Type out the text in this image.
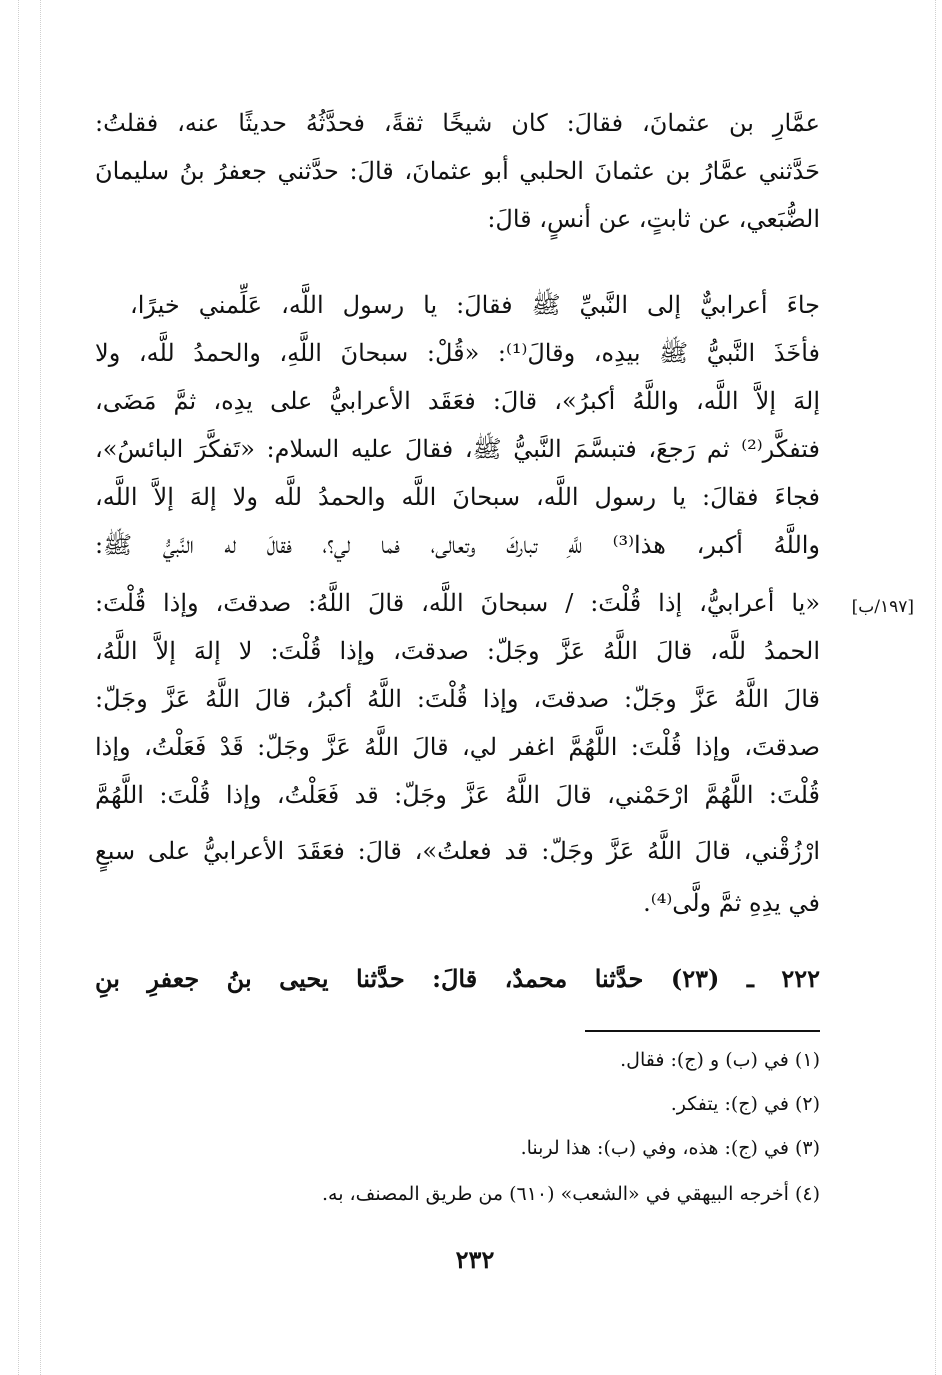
عمَّارِ بن عثمانَ، فقالَ: كان شيخًا ثقةً، فحدَّثُهُ حديثًا عنه، فقلتُ:
حَدَّثني عمَّارُ بن عثمانَ الحلبي أبو عثمانَ، قالَ: حدَّثني جعفرُ بنُ سليمانَ
الضُّبَعي، عن ثابتٍ، عن أنسٍ، قالَ:
جاءَ أعرابيٌّ إلى النَّبيِّ ﷺ فقالَ: يا رسول اللَّه، عَلِّمني خيرًا،
فأخَذَ النَّبيُّ ﷺ بيدِه، وقالَ⁽¹⁾: «قُلْ: سبحانَ اللَّهِ، والحمدُ للَّه، ولا
إلهَ إلاَّ اللَّه، واللَّهُ أكبرُ»، قالَ: فعَقَد الأعرابيُّ على يدِه، ثمَّ مَضَى،
فتفكَّر⁽²⁾ ثم رَجعَ، فتبسَّمَ النَّبيُّ ﷺ، فقالَ عليه السلام: «تَفكَّرَ البائسُ»،
فجاءَ فقالَ: يا رسول اللَّه، سبحانَ اللَّه والحمدُ للَّه ولا إلهَ إلاَّ اللَّه،
واللَّهُ أكبر، هذا⁽³⁾ للَّهِ تباركَ وتعالى، فما لي؟، فقالَ له النَّبيُّ ﷺ:
«يا أعرابيُّ، إذا قُلْتَ: / سبحانَ اللَّه، قالَ اللَّهُ: صدقتَ، وإذا قُلْتَ:
الحمدُ للَّه، قالَ اللَّهُ عَزَّ وجَلّ: صدقتَ، وإذا قُلْتَ: لا إلهَ إلاَّ اللَّهُ،
قالَ اللَّهُ عَزَّ وجَلّ: صدقتَ، وإذا قُلْتَ: اللَّهُ أكبرُ، قالَ اللَّهُ عَزَّ وجَلّ:
صدقتَ، وإذا قُلْتَ: اللَّهُمَّ اغفر لي، قالَ اللَّهُ عَزَّ وجَلّ: قَدْ فَعَلْتُ، وإذا
قُلْتَ: اللَّهُمَّ ارْحَمْني، قالَ اللَّهُ عَزَّ وجَلّ: قد فَعَلْتُ، وإذا قُلْتَ: اللَّهُمَّ
ارْزُقْني، قالَ اللَّهُ عَزَّ وجَلّ: قد فعلتُ»، قالَ: فعَقَدَ الأعرابيُّ على سبعٍ
في يدِهِ ثمَّ ولَّى⁽⁴⁾.
٢٢٢ ـ (٢٣) حدَّثنا محمدٌ، قالَ: حدَّثنا يحيى بنُ جعفرِ بنِ
[١٩٧/ب]
(١) في (ب) و (ج): فقال.
(٢) في (ج): يتفكر.
(٣) في (ج): هذه، وفي (ب): هذا لربنا.
(٤) أخرجه البيهقي في «الشعب» (٦١٠) من طريق المصنف، به.
٢٣٢
